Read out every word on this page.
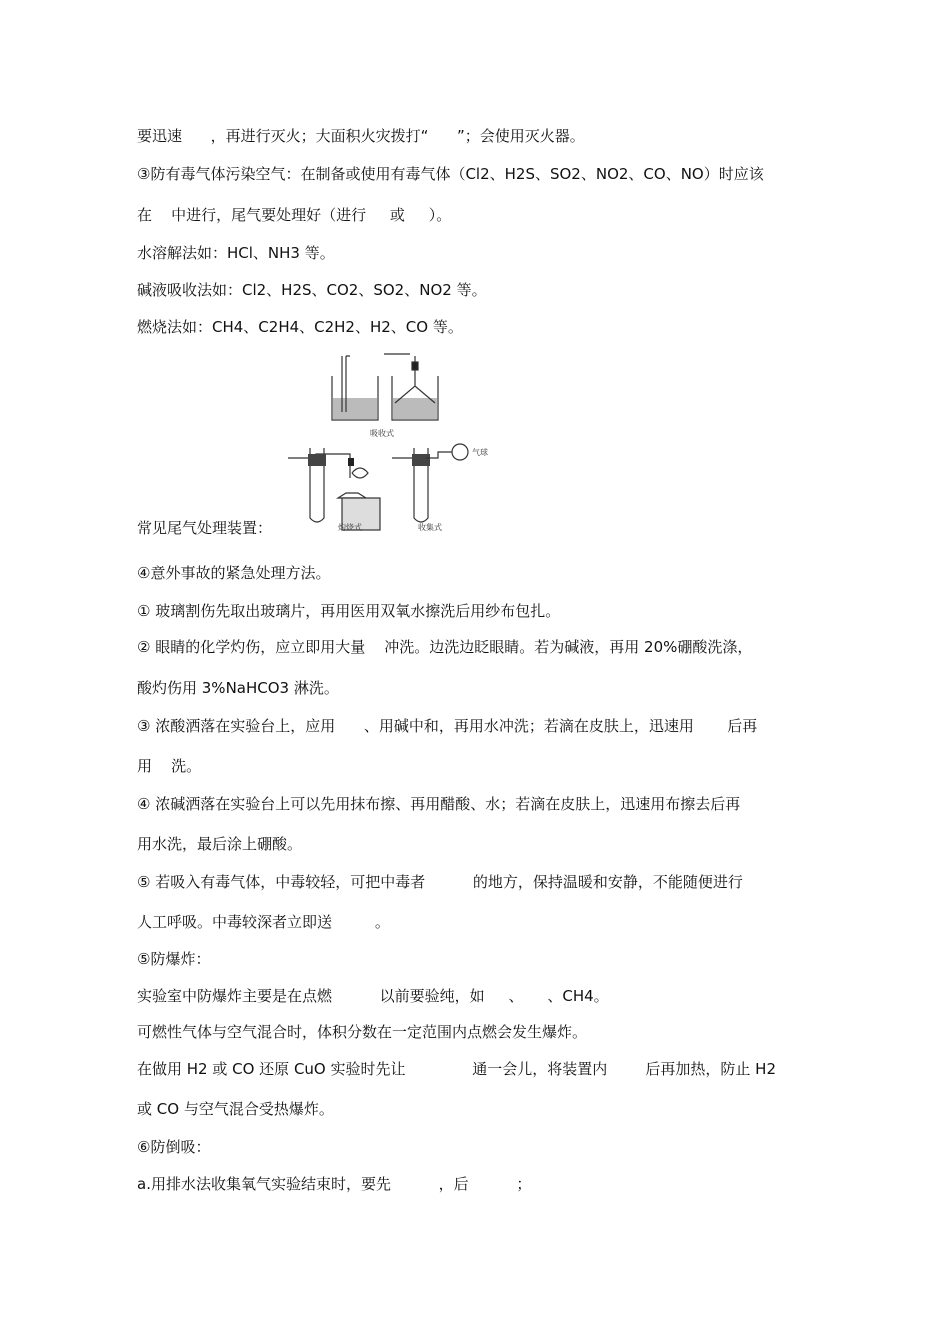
要迅速      ，再进行灭火；大面积火灾拨打“      ”；会使用灭火器。
③防有毒气体污染空气：在制备或使用有毒气体（Cl2、H2S、SO2、NO2、CO、NO）时应该
在    中进行，尾气要处理好（进行     或     ）。
水溶解法如：HCl、NH3 等。
碱液吸收法如：Cl2、H2S、CO2、SO2、NO2 等。
燃烧法如：CH4、C2H4、C2H2、H2、CO 等。
吸收式
灼烧式	收集式
气球
常见尾气处理装置：
④意外事故的紧急处理方法。
① 玻璃割伤先取出玻璃片，再用医用双氧水擦洗后用纱布包扎。
② 眼睛的化学灼伤，应立即用大量    冲洗。边洗边眨眼睛。若为碱液，再用 20%硼酸洗涤，
酸灼伤用 3%NaHCO3 淋洗。
③ 浓酸洒落在实验台上，应用      、用碱中和，再用水冲洗；若滴在皮肤上，迅速用       后再
用    洗。
④ 浓碱洒落在实验台上可以先用抹布擦、再用醋酸、水；若滴在皮肤上，迅速用布擦去后再
用水洗，最后涂上硼酸。
⑤ 若吸入有毒气体，中毒较轻，可把中毒者          的地方，保持温暖和安静，不能随便进行
人工呼吸。中毒较深者立即送         。
⑤防爆炸：
实验室中防爆炸主要是在点燃          以前要验纯，如     、     、CH4。
可燃性气体与空气混合时，体积分数在一定范围内点燃会发生爆炸。
在做用 H2 或 CO 还原 CuO 实验时先让              通一会儿，将装置内        后再加热，防止 H2
或 CO 与空气混合受热爆炸。
⑥防倒吸：
a.用排水法收集氧气实验结束时，要先          ，后          ；
